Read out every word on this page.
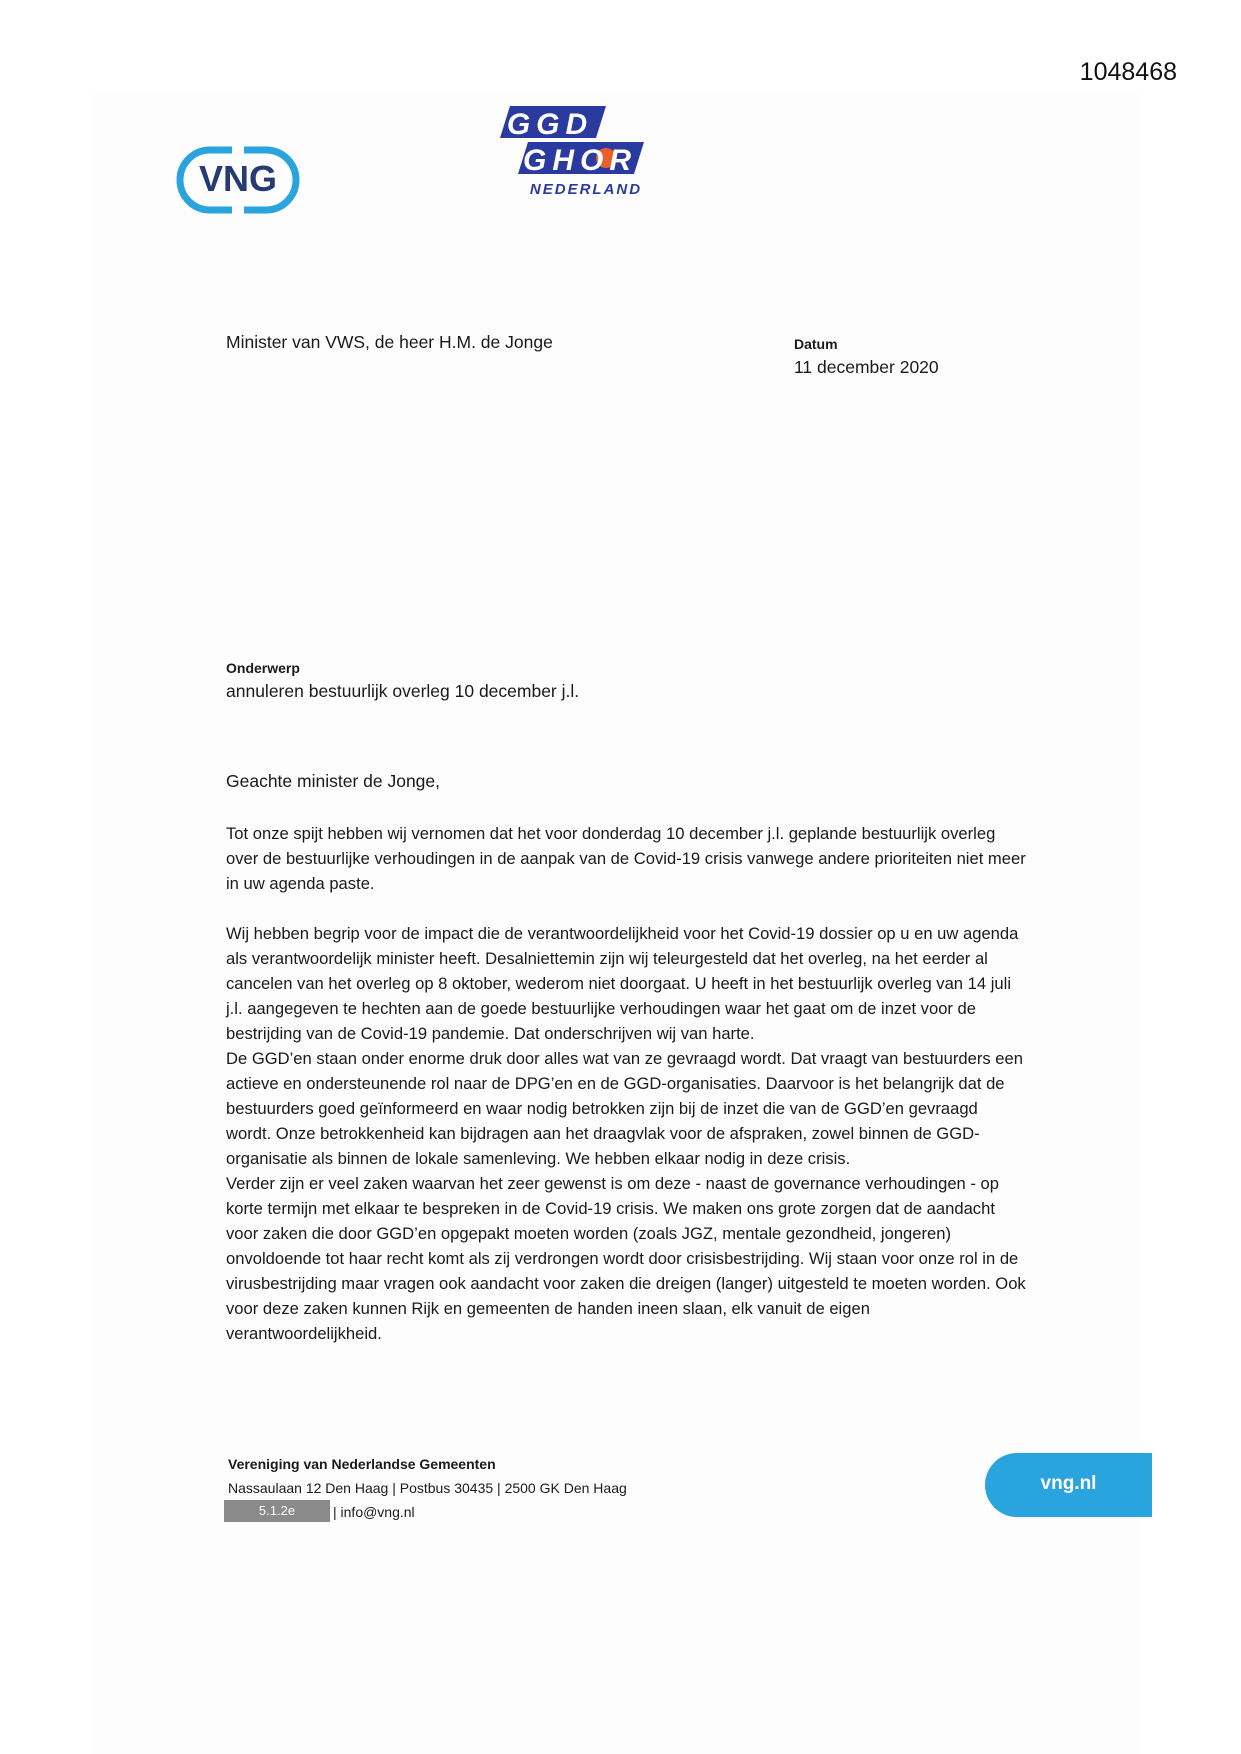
1048468
VNG
GGD
GHOR
NEDERLAND
Minister van VWS, de heer H.M. de Jonge	Datum
11 december 2020
Onderwerp
annuleren bestuurlijk overleg 10 december j.l.
Geachte minister de Jonge,

Tot onze spijt hebben wij vernomen dat het voor donderdag 10 december j.l. geplande bestuurlijk overleg over de bestuurlijke verhoudingen in de aanpak van de Covid-19 crisis vanwege andere prioriteiten niet meer in uw agenda paste.

Wij hebben begrip voor de impact die de verantwoordelijkheid voor het Covid-19 dossier op u en uw agenda als verantwoordelijk minister heeft. Desalniettemin zijn wij teleurgesteld dat het overleg, na het eerder al cancelen van het overleg op 8 oktober, wederom niet doorgaat. U heeft in het bestuurlijk overleg van 14 juli j.l. aangegeven te hechten aan de goede bestuurlijke verhoudingen waar het gaat om de inzet voor de bestrijding van de Covid-19 pandemie. Dat onderschrijven wij van harte.

De GGD’en staan onder enorme druk door alles wat van ze gevraagd wordt. Dat vraagt van bestuurders een actieve en ondersteunende rol naar de DPG’en en de GGD-organisaties. Daarvoor is het belangrijk dat de bestuurders goed geïnformeerd en waar nodig betrokken zijn bij de inzet die van de GGD’en gevraagd wordt. Onze betrokkenheid kan bijdragen aan het draagvlak voor de afspraken, zowel binnen de GGD-organisatie als binnen de lokale samenleving. We hebben elkaar nodig in deze crisis.

Verder zijn er veel zaken waarvan het zeer gewenst is om deze - naast de governance verhoudingen - op korte termijn met elkaar te bespreken in de Covid-19 crisis. We maken ons grote zorgen dat de aandacht voor zaken die door GGD’en opgepakt moeten worden (zoals JGZ, mentale gezondheid, jongeren) onvoldoende tot haar recht komt als zij verdrongen wordt door crisisbestrijding. Wij staan voor onze rol in de virusbestrijding maar vragen ook aandacht voor zaken die dreigen (langer) uitgesteld te moeten worden. Ook voor deze zaken kunnen Rijk en gemeenten de handen ineen slaan, elk vanuit de eigen verantwoordelijkheid.

Vereniging van Nederlandse Gemeenten
Nassaulaan 12 Den Haag | Postbus 30435 | 2500 GK Den Haag
5.1.2e	| info@vng.nl
vng.nl
